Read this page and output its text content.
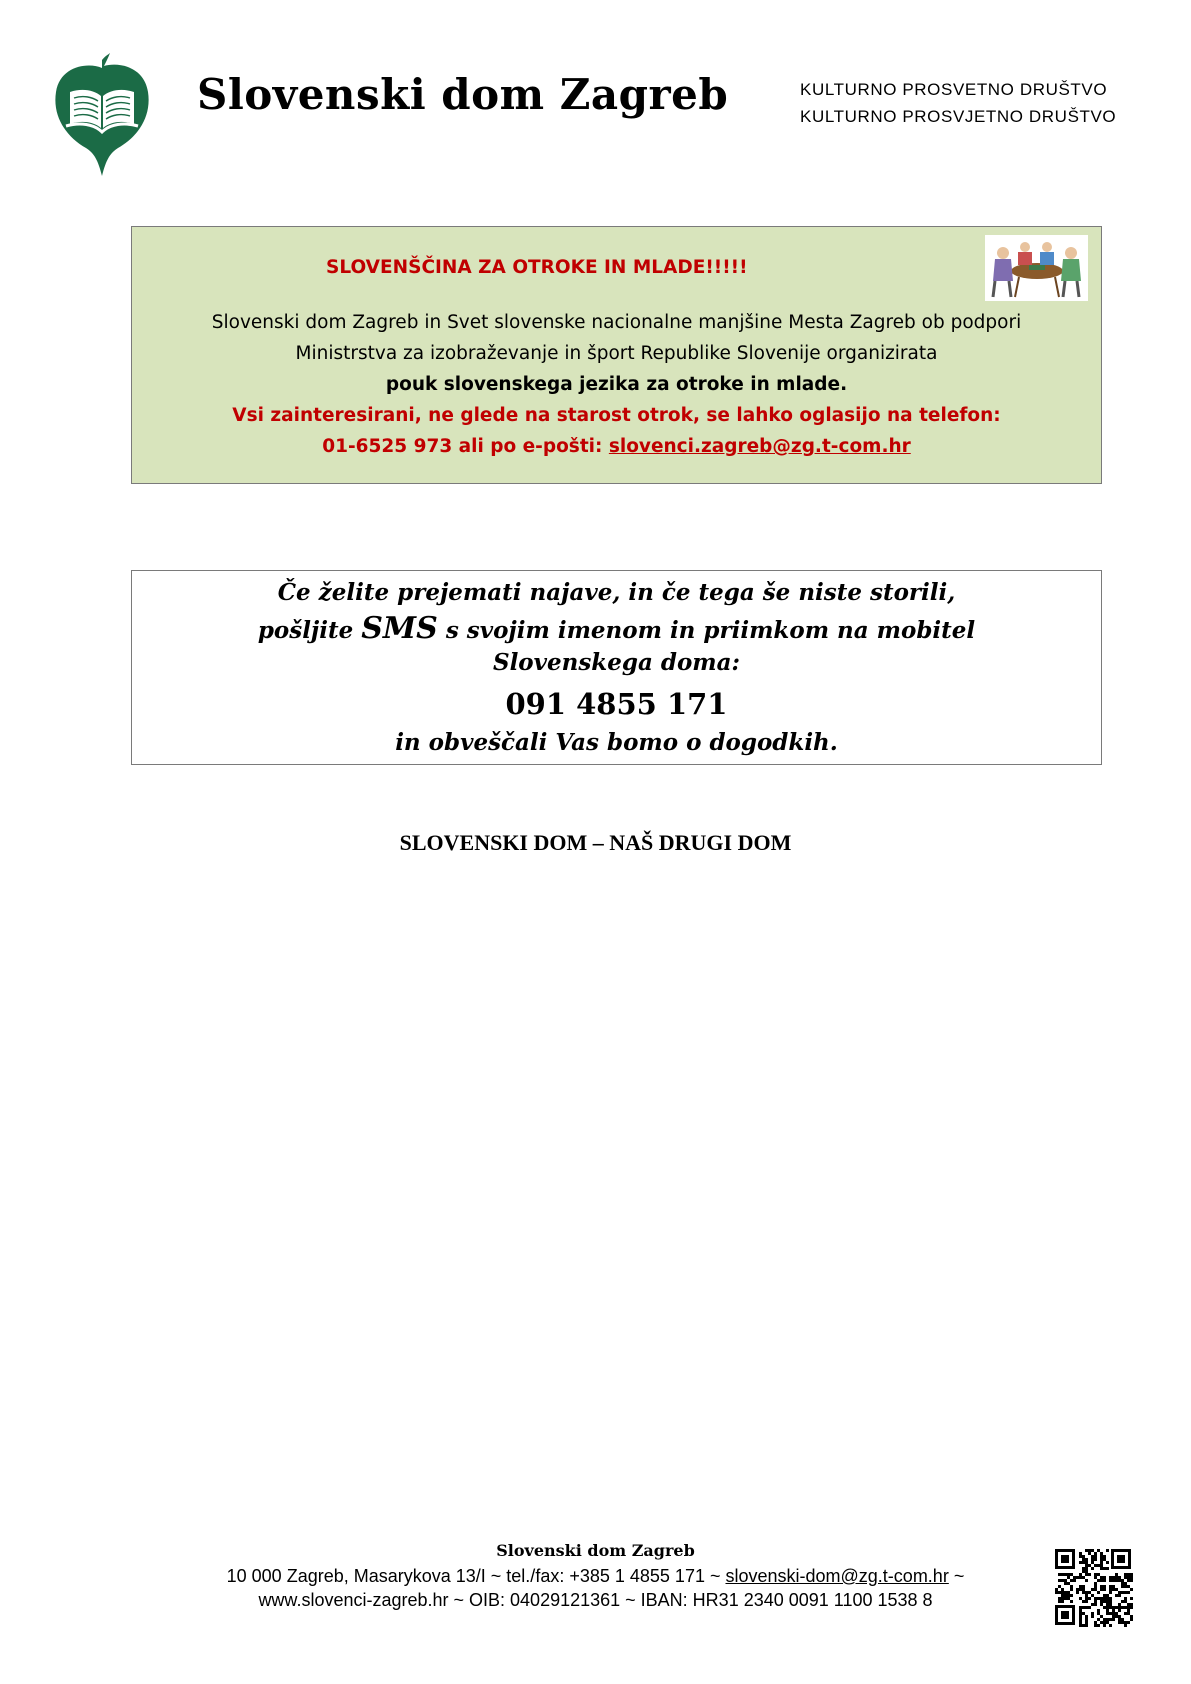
Slovenski dom Zagreb	KULTURNO PROSVETNO DRUŠTVO
KULTURNO PROSVJETNO DRUŠTVO
SLOVENŠČINA ZA OTROKE IN MLADE!!!!!
Slovenski dom Zagreb in Svet slovenske nacionalne manjšine Mesta Zagreb ob podpori
Ministrstva za izobraževanje in šport Republike Slovenije organizirata
pouk slovenskega jezika za otroke in mlade.
Vsi zainteresirani, ne glede na starost otrok, se lahko oglasijo na telefon:
01-6525 973 ali po e-pošti: slovenci.zagreb@zg.t-com.hr
Če želite prejemati najave, in če tega še niste storili,
pošljite SMS s svojim imenom in priimkom na mobitel
Slovenskega doma:
091 4855 171
in obveščali Vas bomo o dogodkih.
SLOVENSKI DOM – NAŠ DRUGI DOM
Slovenski dom Zagreb
10 000 Zagreb, Masarykova 13/I ~ tel./fax: +385 1 4855 171 ~ slovenski-dom@zg.t-com.hr ~
www.slovenci-zagreb.hr ~ OIB: 04029121361 ~ IBAN: HR31 2340 0091 1100 1538 8
